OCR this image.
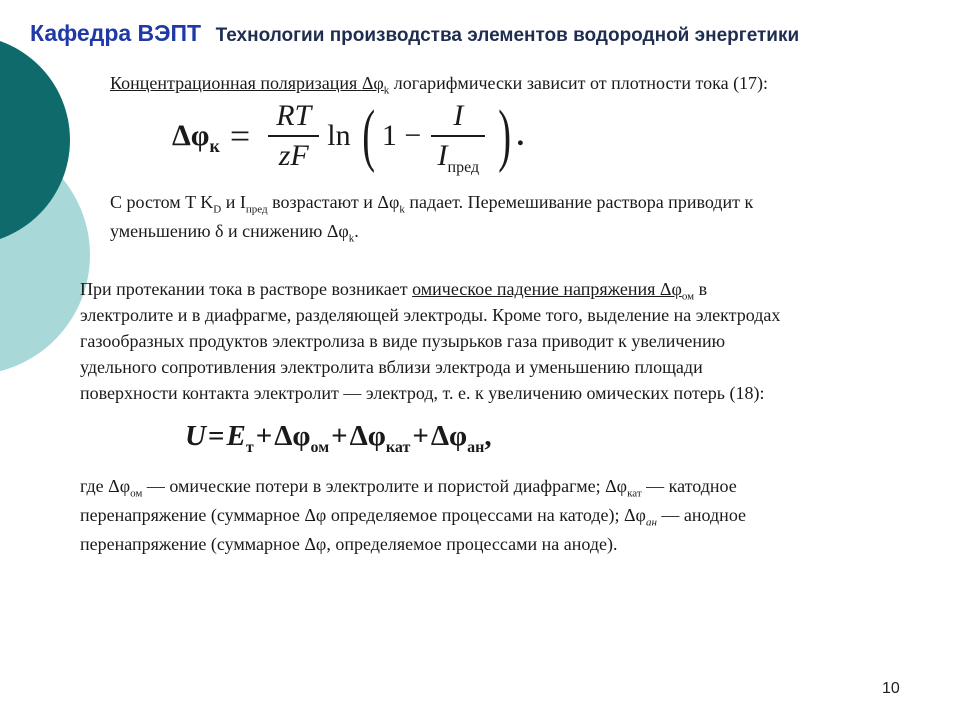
Кафедра ВЭПТ Технологии производства элементов водородной энергетики
Концентрационная поляризация $\Delta\varphi_k$ логарифмически зависит от плотности тока (17):
$\Delta\varphi_к = \frac{RT}{zF}$ ln ( $1 - \frac{I}{I_{пред}}$ ) .
С ростом T $K_D$ и $I_{пред}$ возрастают и $\Delta\varphi_k$ падает. Перемешивание раствора приводит к
уменьшению δ и снижению $\Delta\varphi_k$.
При протекании тока в растворе возникает омическое падение напряжения $\Delta\varphi_{ом}$ в
электролите и в диафрагме, разделяющей электроды. Кроме того, выделение на электродах
газообразных продуктов электролиза в виде пузырьков газа приводит к увеличению
удельного сопротивления электролита вблизи электрода и уменьшению площади
поверхности контакта электролит — электрод, т. е. к увеличению омических потерь (18):
$U=E_т+\Delta\varphi_{ом}+\Delta\varphi_{кат}+\Delta\varphi_{ан}$,
где $\Delta\varphi_{ом}$ — омические потери в электролите и пористой диафрагме; $\Delta\varphi_{кат}$ — катодное
перенапряжение (суммарное Δφ определяемое процессами на катоде); $\Delta\varphi_{ан}$ — анодное
перенапряжение (суммарное Δφ, определяемое процессами на аноде).
10
